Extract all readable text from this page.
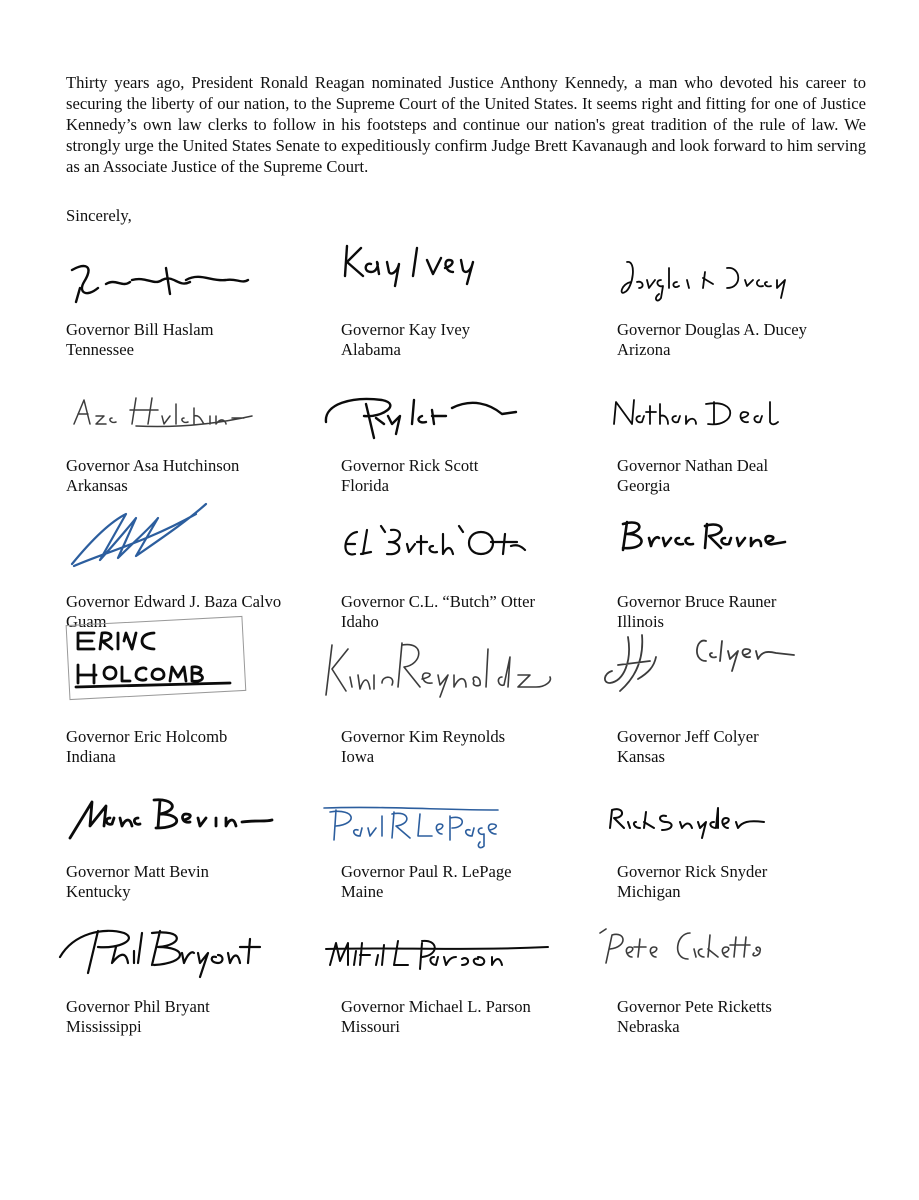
Thirty years ago, President Ronald Reagan nominated Justice Anthony Kennedy, a man who devoted his career to securing the liberty of our nation, to the Supreme Court of the United States. It seems right and fitting for one of Justice Kennedy’s own law clerks to follow in his footsteps and continue our nation's great tradition of the rule of law. We strongly urge the United States Senate to expeditiously confirm Judge Brett Kavanaugh and look forward to him serving as an Associate Justice of the Supreme Court.

Sincerely,

Governor Bill Haslam
Tennessee
Governor Kay Ivey
Alabama
Governor Douglas A. Ducey
Arizona
Governor Asa Hutchinson
Arkansas
Governor Rick Scott
Florida
Governor Nathan Deal
Georgia
Governor Edward J. Baza Calvo
Guam
Governor C.L. “Butch” Otter
Idaho
Governor Bruce Rauner
Illinois
Governor Eric Holcomb
Indiana
Governor Kim Reynolds
Iowa
Governor Jeff Colyer
Kansas
Governor Matt Bevin
Kentucky
Governor Paul R. LePage
Maine
Governor Rick Snyder
Michigan
Governor Phil Bryant
Mississippi
Governor Michael L. Parson
Missouri
Governor Pete Ricketts
Nebraska
